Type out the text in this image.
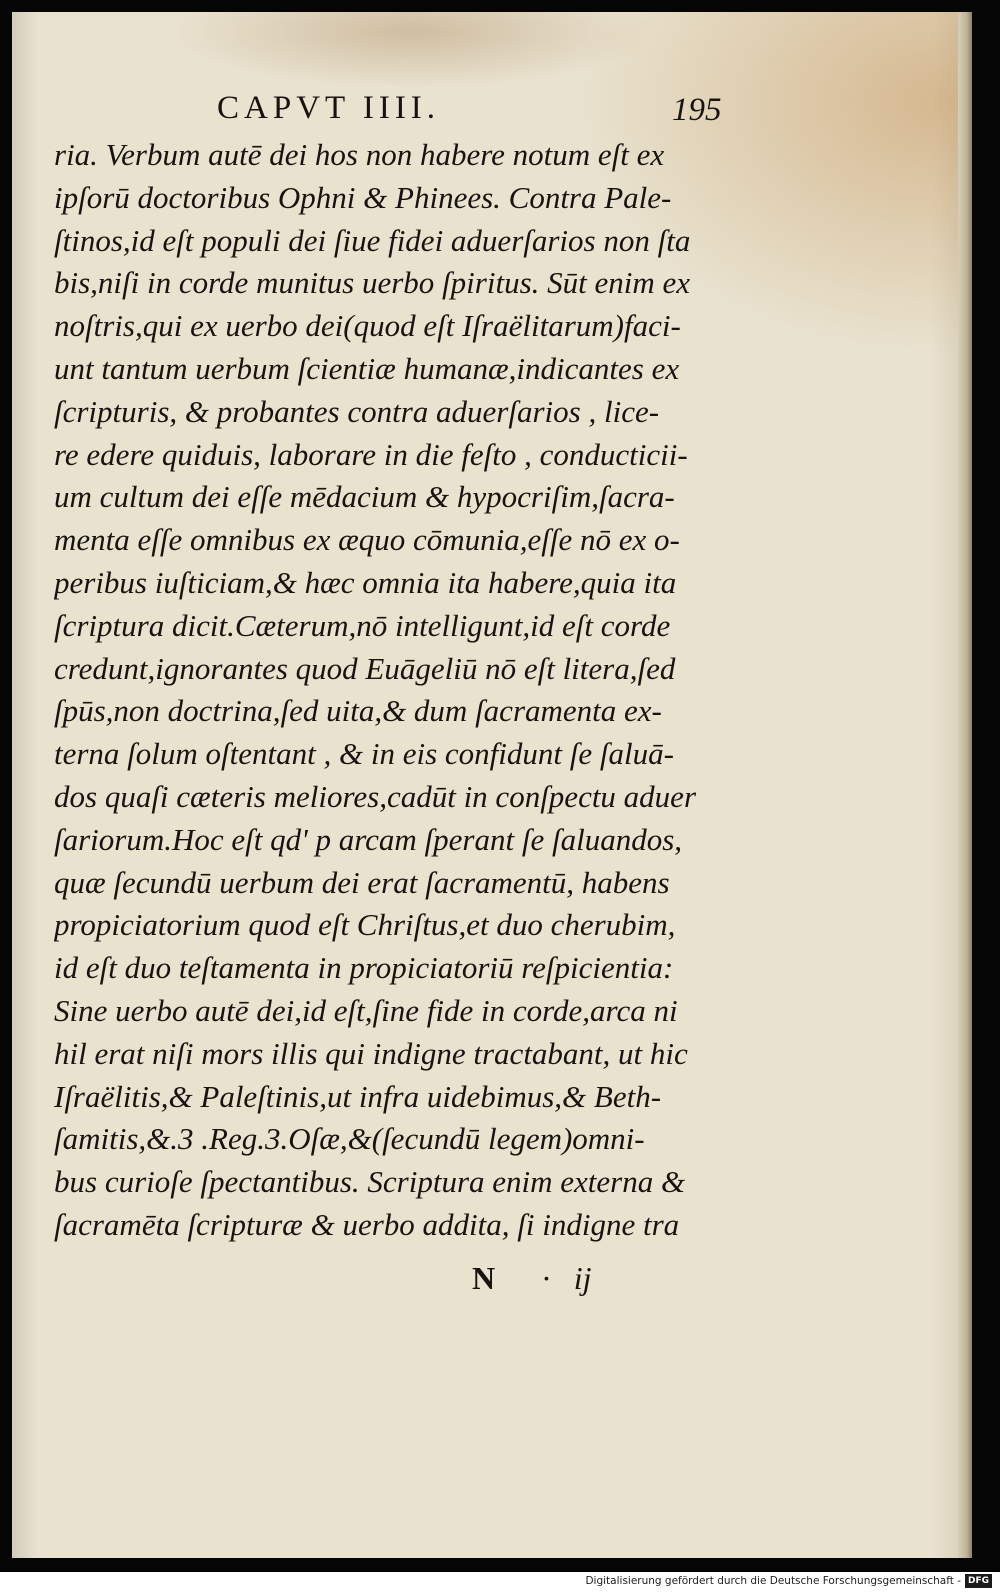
CAPVT IIII.	195
ria. Verbum autē dei hos non habere notum eſt ex
ipſorū doctoribus Ophni & Phinees. Contra Pale-
ſtinos,id eſt populi dei ſiue fidei aduerſarios non ſta
bis,niſi in corde munitus uerbo ſpiritus. Sūt enim ex
noſtris,qui ex uerbo dei(quod eſt Iſraëlitarum)faci-
unt tantum uerbum ſcientiæ humanæ,indicantes ex
ſcripturis, & probantes contra aduerſarios , lice-
re edere quiduis, laborare in die feſto , conducticii-
um cultum dei eſſe mēdacium & hypocriſim,ſacra-
menta eſſe omnibus ex æquo cōmunia,eſſe nō ex o-
peribus iuſticiam,& hæc omnia ita habere,quia ita
ſcriptura dicit.Cæterum,nō intelligunt,id eſt corde
credunt,ignorantes quod Euāgeliū nō eſt litera,ſed
ſpūs,non doctrina,ſed uita,& dum ſacramenta ex-
terna ſolum oſtentant , & in eis confidunt ſe ſaluā-
dos quaſi cæteris meliores,cadūt in conſpectu aduer
ſariorum.Hoc eſt qd' p arcam ſperant ſe ſaluandos,
quæ ſecundū uerbum dei erat ſacramentū, habens
propiciatorium quod eſt Chriſtus,et duo cherubim,
id eſt duo teſtamenta in propiciatoriū reſpicientia:
Sine uerbo autē dei,id eſt,ſine fide in corde,arca ni
hil erat niſi mors illis qui indigne tractabant, ut hic
Iſraëlitis,& Paleſtinis,ut infra uidebimus,& Beth-
ſamitis,&.3 .Reg.3.Oſæ,&(ſecundū legem)omni-
bus curioſe ſpectantibus. Scriptura enim externa &
ſacramēta ſcripturæ & uerbo addita, ſi indigne tra
N · ij
Digitalisierung gefördert durch die Deutsche Forschungsgemeinschaft - DFG
